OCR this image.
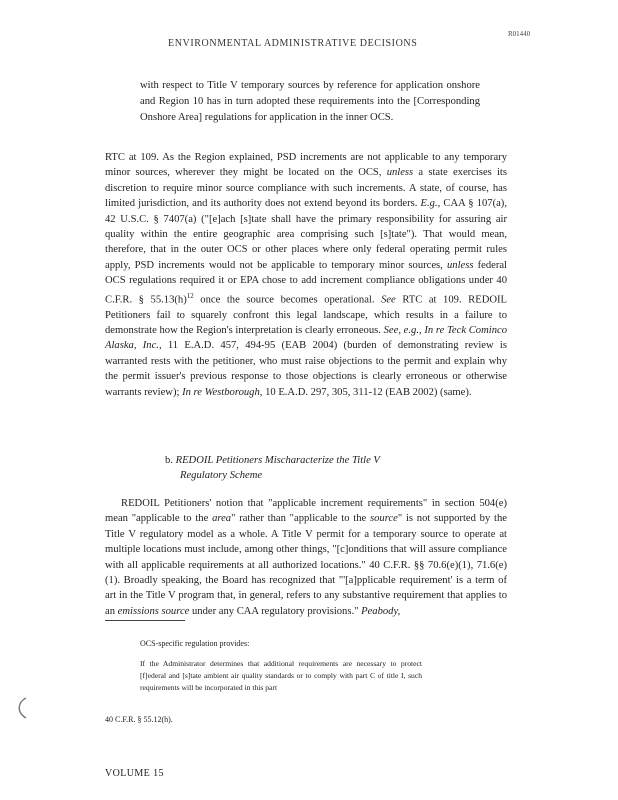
R01440
ENVIRONMENTAL ADMINISTRATIVE DECISIONS
with respect to Title V temporary sources by reference for application onshore and Region 10 has in turn adopted these requirements into the [Corresponding Onshore Area] regulations for application in the inner OCS.
RTC at 109. As the Region explained, PSD increments are not applicable to any temporary minor sources, wherever they might be located on the OCS, unless a state exercises its discretion to require minor source compliance with such increments. A state, of course, has limited jurisdiction, and its authority does not extend beyond its borders. E.g., CAA § 107(a), 42 U.S.C. § 7407(a) ("[e]ach [s]tate shall have the primary responsibility for assuring air quality within the entire geographic area comprising such [s]tate"). That would mean, therefore, that in the outer OCS or other places where only federal operating permit rules apply, PSD increments would not be applicable to temporary minor sources, unless federal OCS regulations required it or EPA chose to add increment compliance obligations under 40 C.F.R. § $55.13(h)^{12}$ once the source becomes operational. See RTC at 109. REDOIL Petitioners fail to squarely confront this legal landscape, which results in a failure to demonstrate how the Region's interpretation is clearly erroneous. See, e.g., In re Teck Cominco Alaska, Inc., 11 E.A.D. 457, 494-95 (EAB 2004) (burden of demonstrating review is warranted rests with the petitioner, who must raise objections to the permit and explain why the permit issuer's previous response to those objections is clearly erroneous or otherwise warrants review); In re Westborough, 10 E.A.D. 297, 305, 311-12 (EAB 2002) (same).
b. REDOIL Petitioners Mischaracterize the Title V
Regulatory Scheme
REDOIL Petitioners' notion that "applicable increment requirements" in section 504(e) mean "applicable to the area" rather than "applicable to the source" is not supported by the Title V regulatory model as a whole. A Title V permit for a temporary source to operate at multiple locations must include, among other things, "[c]onditions that will assure compliance with all applicable requirements at all authorized locations." 40 C.F.R. §§ 70.6(e)(1), 71.6(e)(1). Broadly speaking, the Board has recognized that "'[a]pplicable requirement' is a term of art in the Title V program that, in general, refers to any substantive requirement that applies to an emissions source under any CAA regulatory provisions." Peabody,
OCS-specific regulation provides:
If the Administrator determines that additional requirements are necessary to protect [f]ederal and [s]tate ambient air quality standards or to comply with part C of title I, such requirements will be incorporated in this part
40 C.F.R. § 55.12(h).
VOLUME 15
